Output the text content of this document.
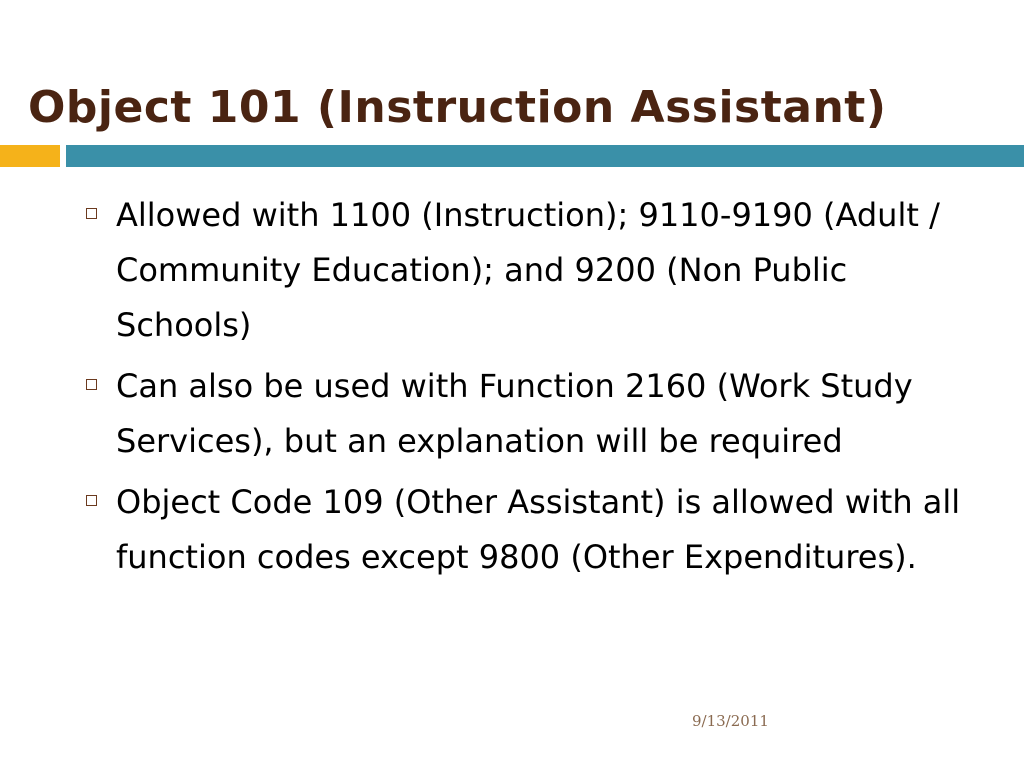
Object 101 (Instruction Assistant)
Allowed with 1100 (Instruction); 9110-9190 (Adult / Community Education); and 9200 (Non Public Schools)
Can also be used with Function 2160 (Work Study Services), but an explanation will be required
Object Code 109 (Other Assistant) is allowed with all function codes except 9800 (Other Expenditures).
9/13/2011
